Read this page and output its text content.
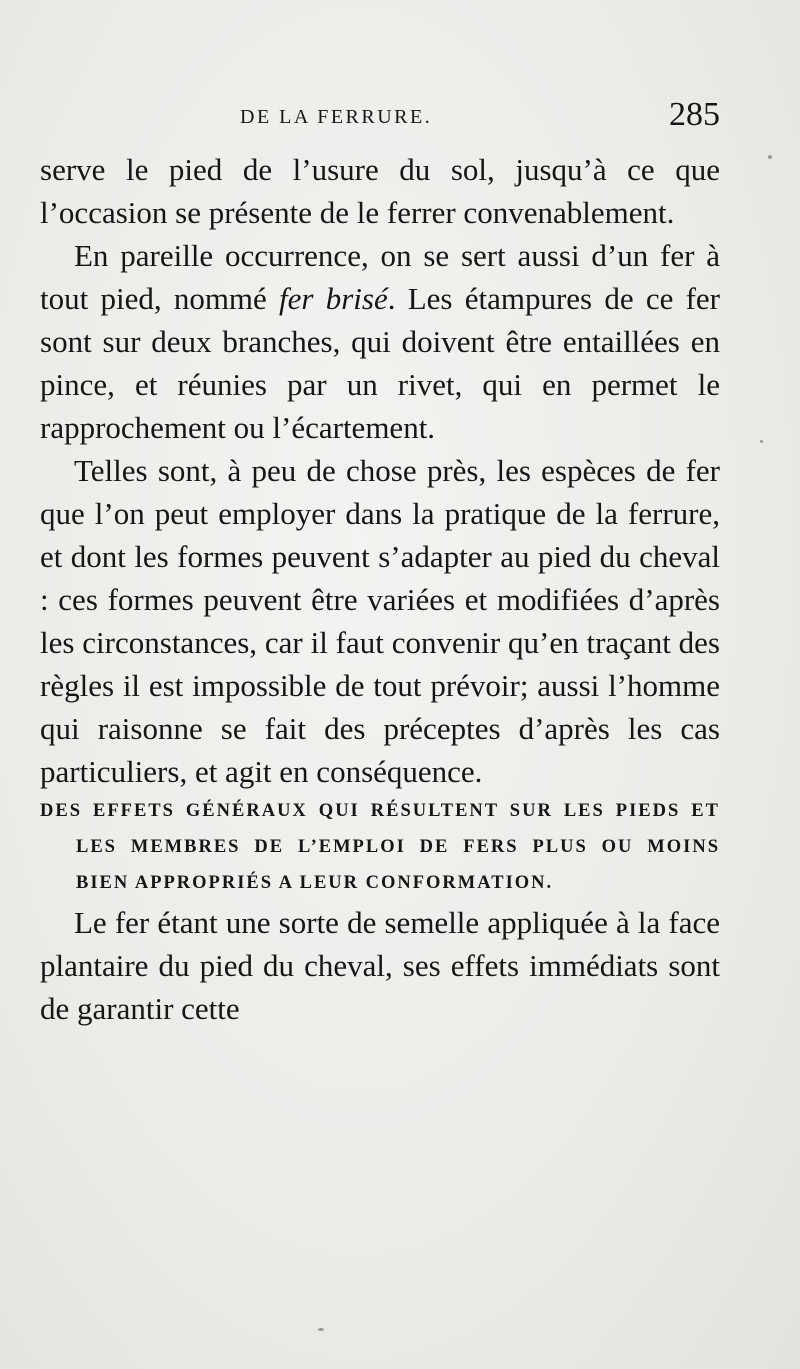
DE LA FERRURE.	285

serve le pied de l’usure du sol, jusqu’à ce que l’occasion se présente de le ferrer convenablement.

En pareille occurrence, on se sert aussi d’un fer à tout pied, nommé fer brisé. Les étampures de ce fer sont sur deux branches, qui doivent être entaillées en pince, et réunies par un rivet, qui en permet le rapprochement ou l’écartement.

Telles sont, à peu de chose près, les espèces de fer que l’on peut employer dans la pratique de la ferrure, et dont les formes peuvent s’adapter au pied du cheval : ces formes peuvent être variées et modifiées d’après les circonstances, car il faut convenir qu’en traçant des règles il est impossible de tout prévoir; aussi l’homme qui raisonne se fait des préceptes d’après les cas particuliers, et agit en conséquence.

DES EFFETS GÉNÉRAUX QUI RÉSULTENT SUR LES PIEDS ET LES MEMBRES DE L’EMPLOI DE FERS PLUS OU MOINS BIEN APPROPRIÉS A LEUR CONFORMATION.

Le fer étant une sorte de semelle appliquée à la face plantaire du pied du cheval, ses effets immédiats sont de garantir cette
